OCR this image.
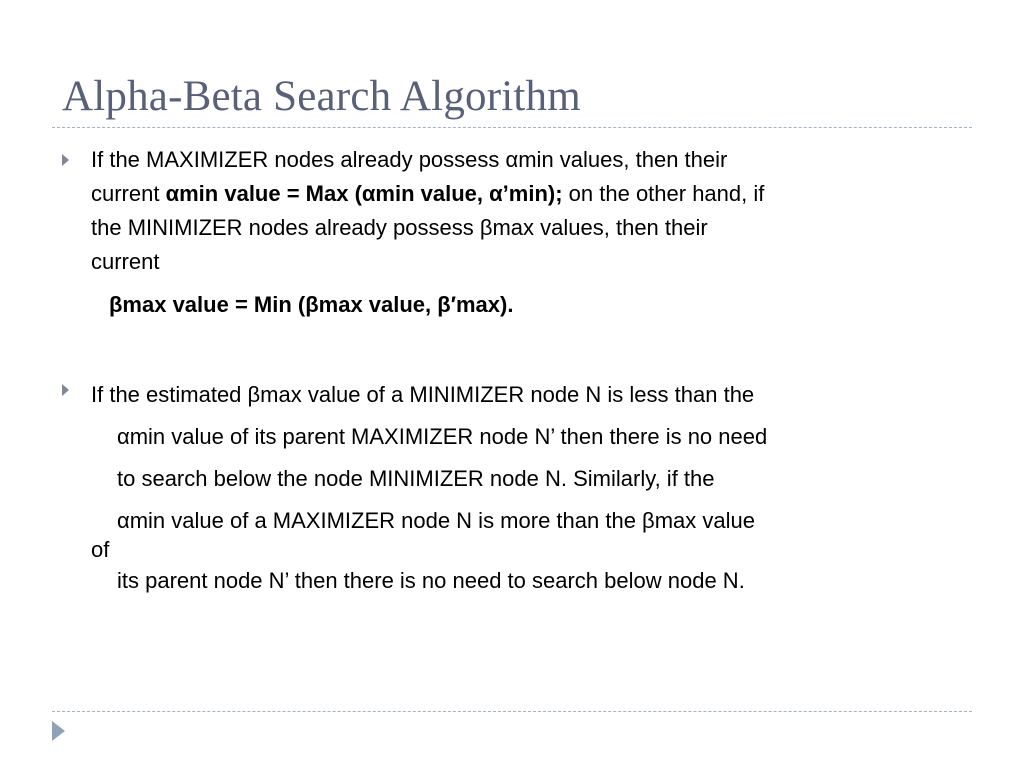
Alpha-Beta Search Algorithm
If the MAXIMIZER nodes already possess αmin values, then their
current αmin value = Max (αmin value, α’min); on the other hand, if
the MINIMIZER nodes already possess βmax values, then their
current
βmax value = Min (βmax value, β′max).
If the estimated βmax value of a MINIMIZER node N is less than the
αmin value of its parent MAXIMIZER node N’ then there is no need
to search below the node MINIMIZER node N. Similarly, if the
αmin value of a MAXIMIZER node N is more than the βmax value
of
its parent node N’ then there is no need to search below node N.
